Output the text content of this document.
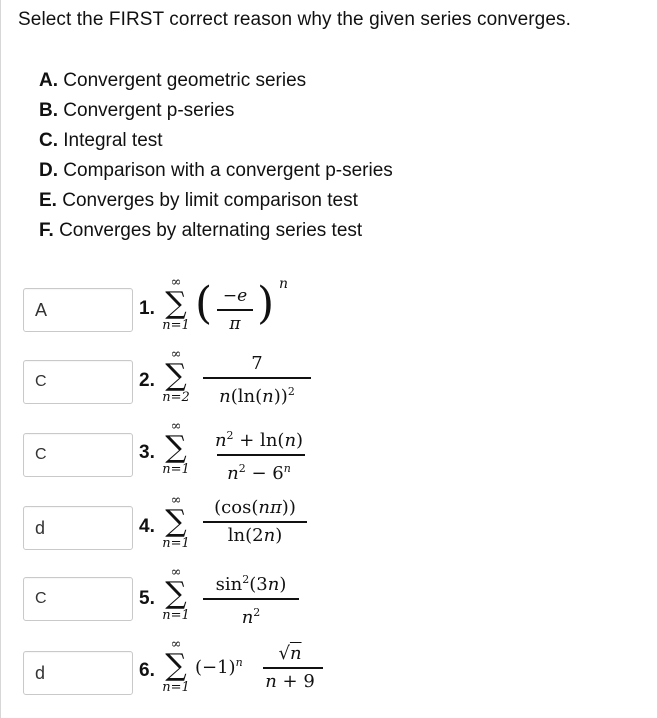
Select the FIRST correct reason why the given series converges.
A. Convergent geometric series
B. Convergent p-series
C. Integral test
D. Comparison with a convergent p-series
E. Converges by limit comparison test
F. Converges by alternating series test
A	1.
∞
∑
n=1 ( −e
π ) n
C	2.
∞
∑
n=2
7
$n(\ln(n))^2$
C	3.
∞
∑
n=1
$n^2 + \ln(n)$
$n^2 - 6^n$
d	4.
∞
∑
n=1
(cos(nπ))
ln(2n)
C	5.
∞
∑
n=1
$\sin^2(3n)$
$n^2$
d	6.
∞
∑
n=1
$(-1)^n$	√n
n + 9
